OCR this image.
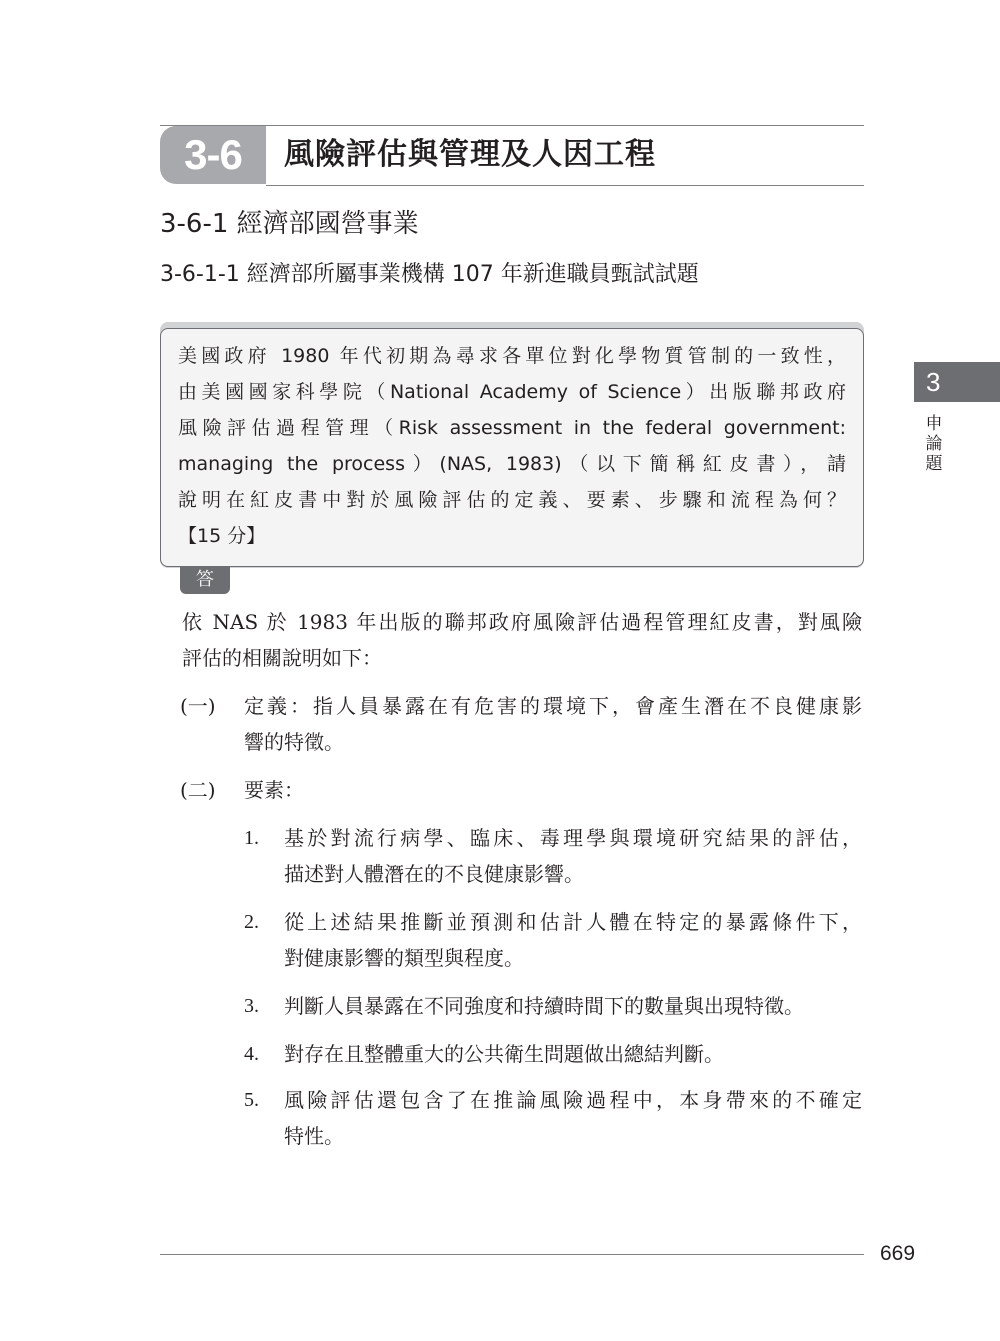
3-6	風險評估與管理及人因工程
3-6-1 經濟部國營事業
3-6-1-1 經濟部所屬事業機構 107 年新進職員甄試試題
美國政府 1980 年代初期為尋求各單位對化學物質管制的一致性，
由美國國家科學院（National Academy of Science）出版聯邦政府
風險評估過程管理（Risk assessment in the federal government:
managing the process）(NAS, 1983)（以下簡稱紅皮書），請
說明在紅皮書中對於風險評估的定義、要素、步驟和流程為何？
【15 分】
答
依 NAS 於 1983 年出版的聯邦政府風險評估過程管理紅皮書，對風險
評估的相關說明如下：
(一) 定義：指人員暴露在有危害的環境下，會產生潛在不良健康影
響的特徵。
(二) 要素：
1. 基於對流行病學、臨床、毒理學與環境研究結果的評估，
描述對人體潛在的不良健康影響。
2. 從上述結果推斷並預測和估計人體在特定的暴露條件下，
對健康影響的類型與程度。
3. 判斷人員暴露在不同強度和持續時間下的數量與出現特徵。
4. 對存在且整體重大的公共衛生問題做出總結判斷。
5. 風險評估還包含了在推論風險過程中，本身帶來的不確定
特性。
3
申論題
669
